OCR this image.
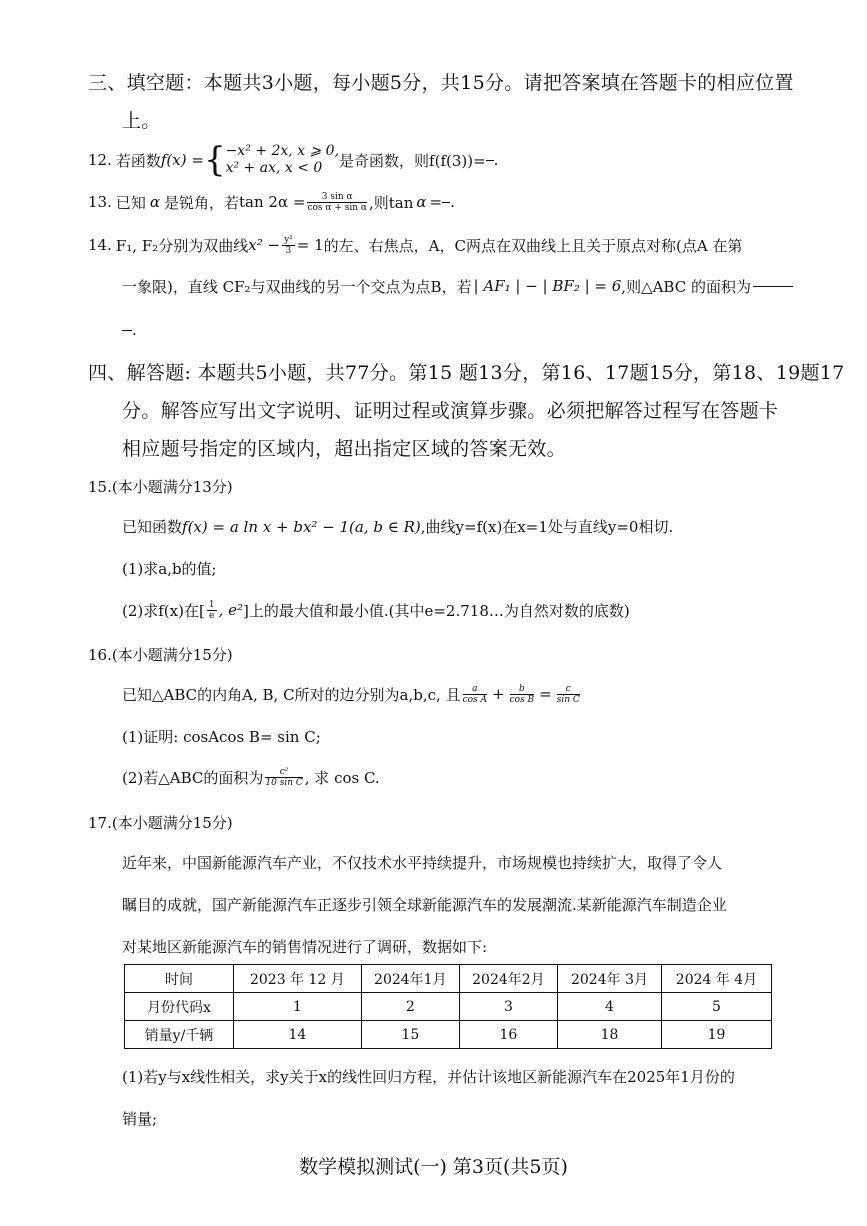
三、填空题：本题共3小题，每小题5分，共15分。请把答案填在答题卡的相应位置
上。
12. 若函数 f(x) = { −x² + 2x, x ⩾ 0,
x² + ax, x < 0	是奇函数，则f(f(3))= .
13. 已知 α 是锐角，若 $\tan 2\alpha = \frac{\text{3 sin α}}{\text{cos α + sin α}}$ ,则tan α = .
14. F₁, F₂分别为双曲线 $x^2 - \frac{\text{y²}}{3} = 1$ 的左、右焦点，A，C两点在双曲线上且关于原点对称(点A 在第
一象限)，直线 CF₂与双曲线的另一个交点为点B，若 | AF₁ | − | BF₂ | = 6 ,则△ABC 的面积为
.
四、解答题: 本题共5小题，共77分。第15 题13分，第16、17题15分，第18、19题17
分。解答应写出文字说明、证明过程或演算步骤。必须把解答过程写在答题卡
相应题号指定的区域内，超出指定区域的答案无效。
15.(本小题满分13分)
已知函数 f(x) = a ln x + bx² − 1(a, b ∈ R) ,曲线y=f(x)在x=1处与直线y=0相切.
(1)求a,b的值;
(2)求f(x)在[ $\frac{1}{e}$ , e² ]上的最大值和最小值.(其中e=2.718…为自然对数的底数)
16.(本小题满分15分)
已知△ABC的内角A, B, C所对的边分别为a,b,c, 且 $\frac{a}{\text{cos A}} + \frac{b}{\text{cos B}} = \frac{c}{\text{sin C}}$
(1)证明: cosAcos B= sin C;
(2)若△ABC的面积为 $\frac{\text{c²}}{\text{10 sin C}}$ , 求 cos C.
17.(本小题满分15分)
近年来，中国新能源汽车产业，不仅技术水平持续提升，市场规模也持续扩大，取得了令人
瞩目的成就，国产新能源汽车正逐步引领全球新能源汽车的发展潮流.某新能源汽车制造企业
对某地区新能源汽车的销售情况进行了调研，数据如下:
时间	2023 年 12 月	2024年1月	2024年2月	2024年 3月	2024 年 4月
月份代码x	1	2	3	4	5
销量y/千辆	14	15	16	18	19
(1)若y与x线性相关，求y关于x的线性回归方程，并估计该地区新能源汽车在2025年1月份的
销量;
数学模拟测试(一) 第3页(共5页)
